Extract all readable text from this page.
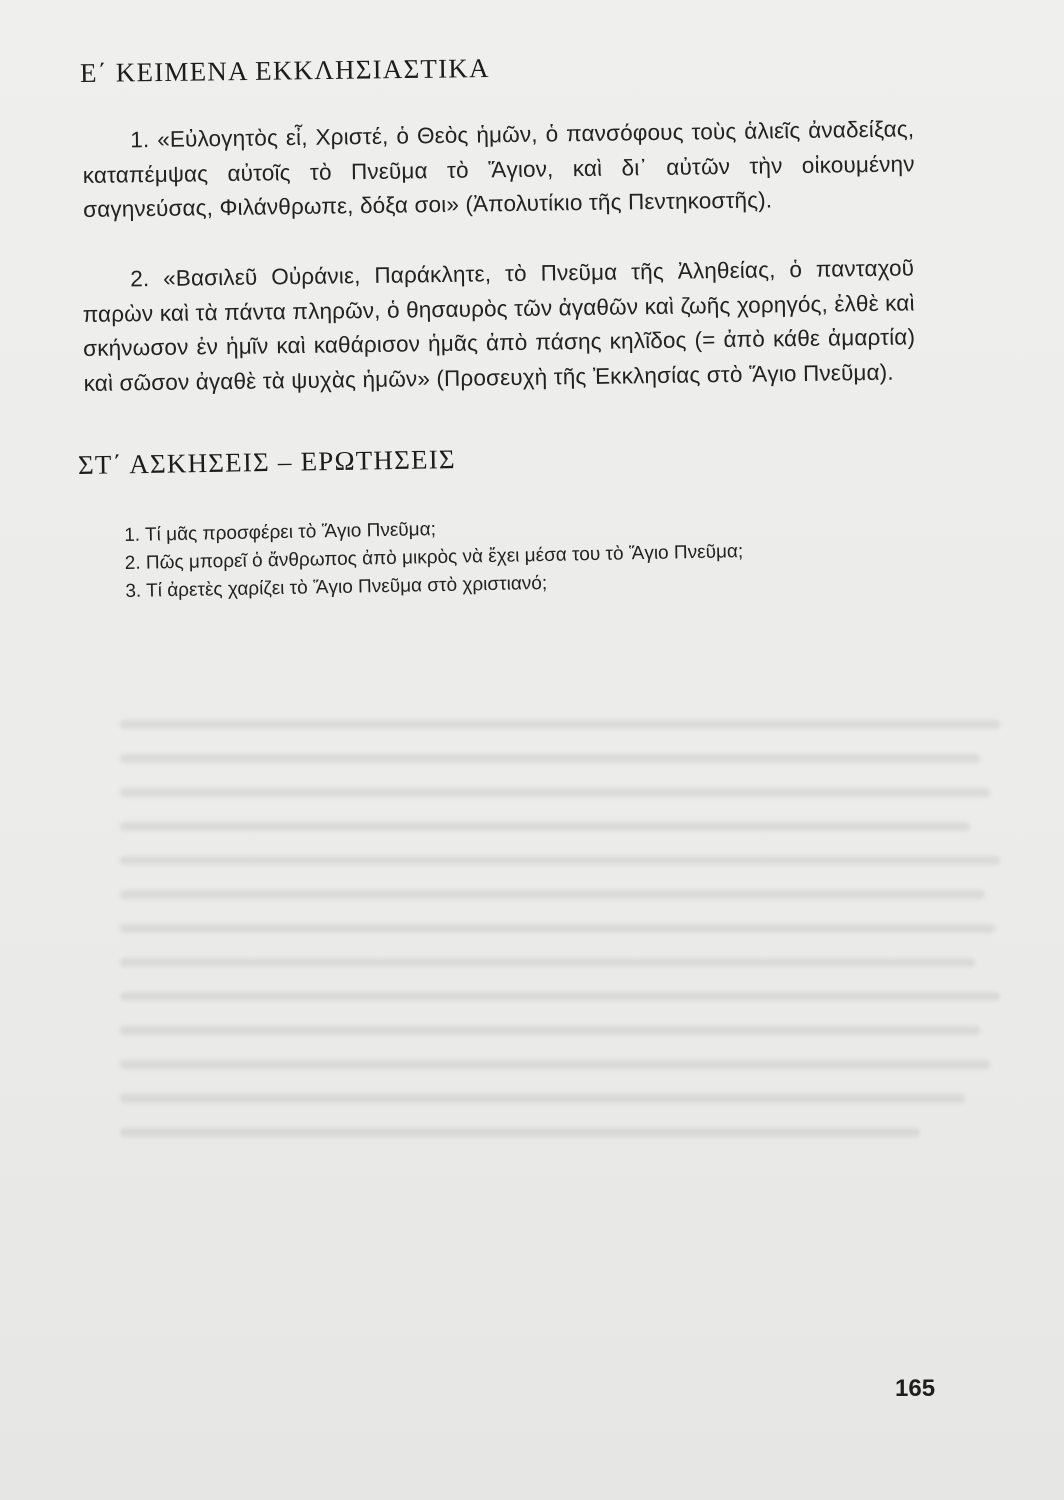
Ε΄ ΚΕΙΜΕΝΑ ΕΚΚΛΗΣΙΑΣΤΙΚΑ

1. «Εὐλογητὸς εἶ, Χριστέ, ὁ Θεὸς ἡμῶν, ὁ πανσόφους τοὺς ἁλιεῖς ἀναδείξας, καταπέμψας αὐτοῖς τὸ Πνεῦμα τὸ Ἅγιον, καὶ δι᾽ αὐτῶν τὴν οἰκουμένην σαγηνεύσας, Φιλάνθρωπε, δόξα σοι» (Ἀπολυτίκιο τῆς Πεντηκοστῆς).

2. «Βασιλεῦ Οὐράνιε, Παράκλητε, τὸ Πνεῦμα τῆς Ἀληθείας, ὁ πανταχοῦ παρὼν καὶ τὰ πάντα πληρῶν, ὁ θησαυρὸς τῶν ἀγαθῶν καὶ ζωῆς χορηγός, ἐλθὲ καὶ σκήνωσον ἐν ἡμῖν καὶ καθάρισον ἡμᾶς ἀπὸ πάσης κηλῖδος (= ἀπὸ κάθε ἁμαρτία) καὶ σῶσον ἀγαθὲ τὰ ψυχὰς ἡμῶν» (Προσευχὴ τῆς Ἐκκλησίας στὸ Ἅγιο Πνεῦμα).

ΣΤ΄ ΑΣΚΗΣΕΙΣ – ΕΡΩΤΗΣΕΙΣ
1. Τί μᾶς προσφέρει τὸ Ἅγιο Πνεῦμα;
2. Πῶς μπορεῖ ὁ ἄνθρωπος ἀπὸ μικρὸς νὰ ἔχει μέσα του τὸ Ἅγιο Πνεῦμα;
3. Τί ἀρετὲς χαρίζει τὸ Ἅγιο Πνεῦμα στὸ χριστιανό;
165
